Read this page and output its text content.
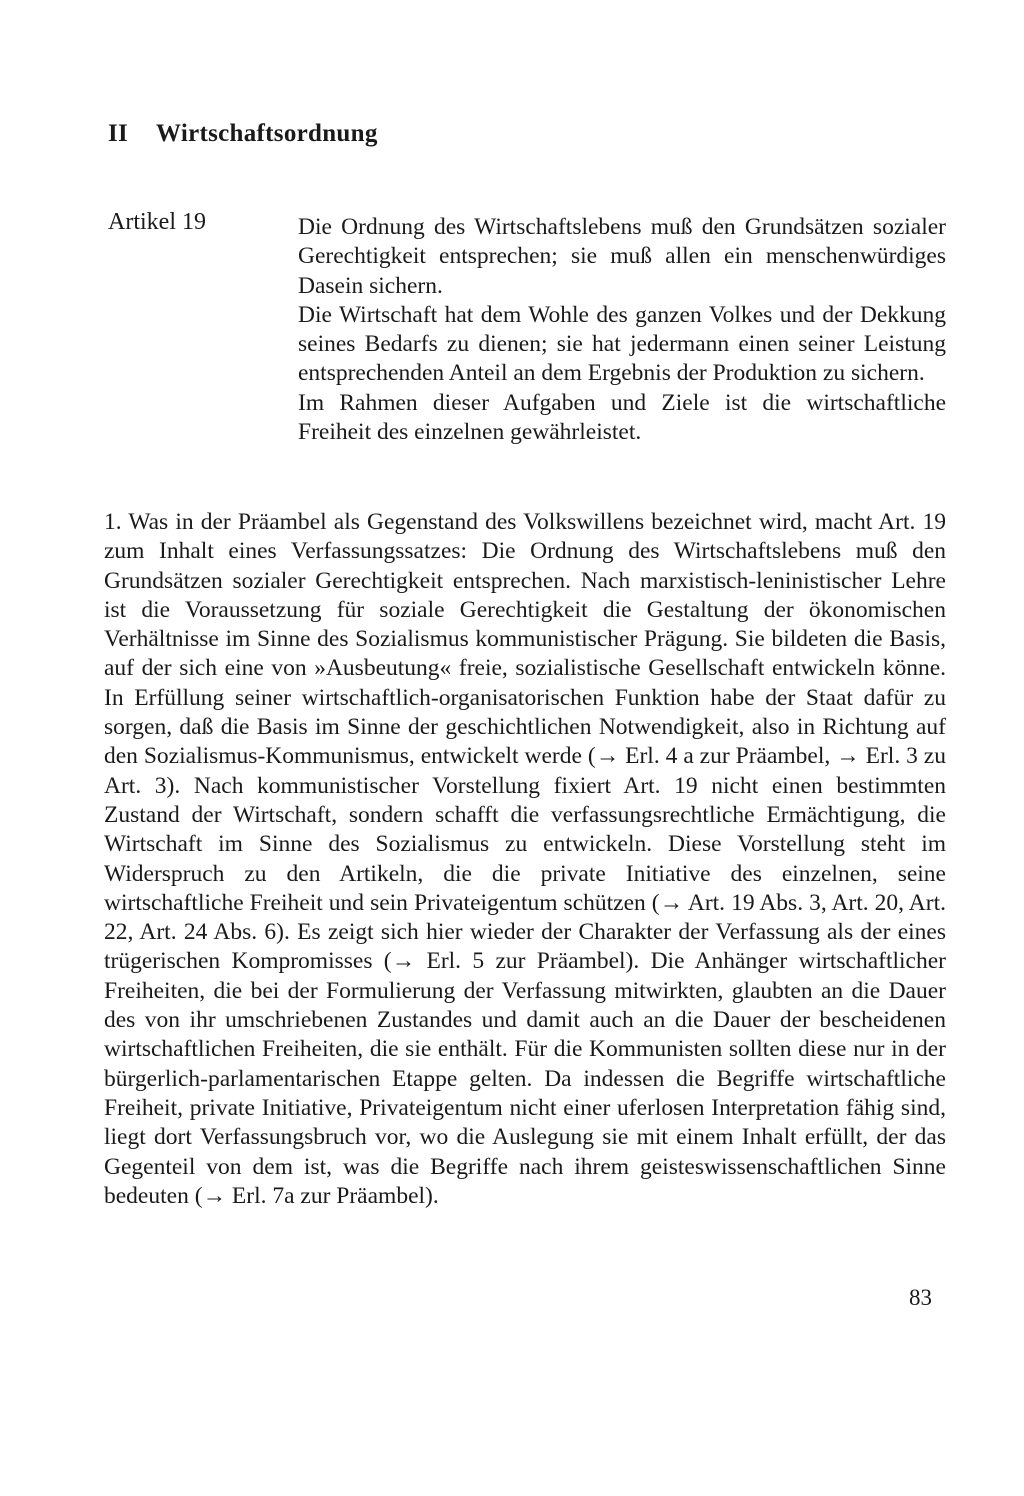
II Wirtschaftsordnung
Artikel 19	Die Ordnung des Wirtschaftslebens muß den Grundsätzen sozialer Gerechtigkeit entsprechen; sie muß allen ein menschenwürdiges Dasein sichern.

Die Wirtschaft hat dem Wohle des ganzen Volkes und der Dekkung seines Bedarfs zu dienen; sie hat jedermann einen seiner Leistung entsprechenden Anteil an dem Ergebnis der Produktion zu sichern.

Im Rahmen dieser Aufgaben und Ziele ist die wirtschaftliche Freiheit des einzelnen gewährleistet.

1. Was in der Präambel als Gegenstand des Volkswillens bezeichnet wird, macht Art. 19 zum Inhalt eines Verfassungssatzes: Die Ordnung des Wirtschaftslebens muß den Grundsätzen sozialer Gerechtigkeit entsprechen. Nach marxistisch-leninistischer Lehre ist die Voraussetzung für soziale Gerechtigkeit die Gestaltung der ökonomischen Verhältnisse im Sinne des Sozialismus kommunistischer Prägung. Sie bildeten die Basis, auf der sich eine von »Ausbeutung« freie, sozialistische Gesellschaft entwickeln könne. In Erfüllung seiner wirtschaftlich-organisatorischen Funktion habe der Staat dafür zu sorgen, daß die Basis im Sinne der geschichtlichen Notwendigkeit, also in Richtung auf den Sozialismus-Kommunismus, entwickelt werde (→ Erl. 4 a zur Präambel, → Erl. 3 zu Art. 3). Nach kommunistischer Vorstellung fixiert Art. 19 nicht einen bestimmten Zustand der Wirtschaft, sondern schafft die verfassungsrechtliche Ermächtigung, die Wirtschaft im Sinne des Sozialismus zu entwickeln. Diese Vorstellung steht im Widerspruch zu den Artikeln, die die private Initiative des einzelnen, seine wirtschaftliche Freiheit und sein Privateigentum schützen (→ Art. 19 Abs. 3, Art. 20, Art. 22, Art. 24 Abs. 6). Es zeigt sich hier wieder der Charakter der Verfassung als der eines trügerischen Kompromisses (→ Erl. 5 zur Präambel). Die Anhänger wirtschaftlicher Freiheiten, die bei der Formulierung der Verfassung mitwirkten, glaubten an die Dauer des von ihr umschriebenen Zustandes und damit auch an die Dauer der bescheidenen wirtschaftlichen Freiheiten, die sie enthält. Für die Kommunisten sollten diese nur in der bürgerlich-parlamentarischen Etappe gelten. Da indessen die Begriffe wirtschaftliche Freiheit, private Initiative, Privateigentum nicht einer uferlosen Interpretation fähig sind, liegt dort Verfassungsbruch vor, wo die Auslegung sie mit einem Inhalt erfüllt, der das Gegenteil von dem ist, was die Begriffe nach ihrem geisteswissenschaftlichen Sinne bedeuten (→ Erl. 7a zur Präambel).

83
